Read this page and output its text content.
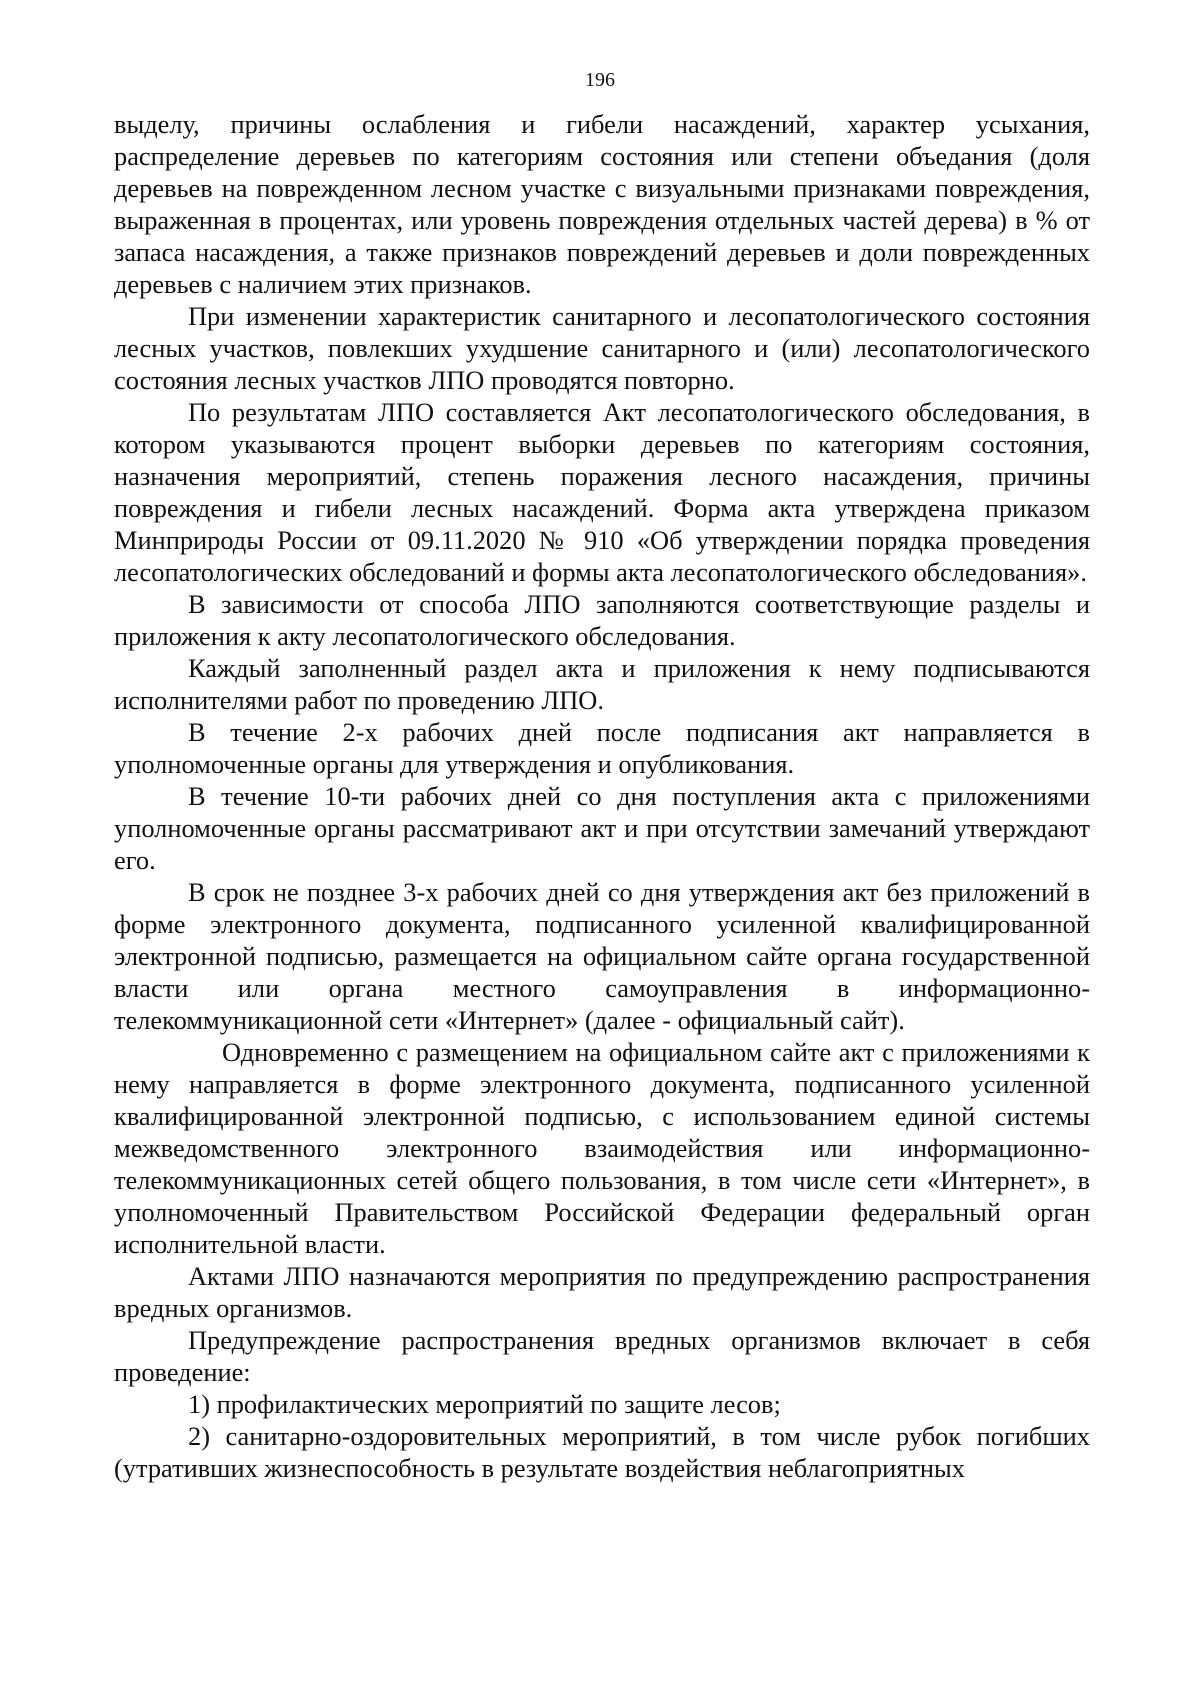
196

выделу, причины ослабления и гибели насаждений, характер усыхания, распределение деревьев по категориям состояния или степени объедания (доля деревьев на поврежденном лесном участке с визуальными признаками повреждения, выраженная в процентах, или уровень повреждения отдельных частей дерева) в % от запаса насаждения, а также признаков повреждений деревьев и доли поврежденных деревьев с наличием этих признаков.

При изменении характеристик санитарного и лесопатологического состояния лесных участков, повлекших ухудшение санитарного и (или) лесопатологического состояния лесных участков ЛПО проводятся повторно.

По результатам ЛПО составляется Акт лесопатологического обследования, в котором указываются процент выборки деревьев по категориям состояния, назначения мероприятий, степень поражения лесного насаждения, причины повреждения и гибели лесных насаждений. Форма акта утверждена приказом Минприроды России от 09.11.2020 № 910 «Об утверждении порядка проведения лесопатологических обследований и формы акта лесопатологического обследования».

В зависимости от способа ЛПО заполняются соответствующие разделы и приложения к акту лесопатологического обследования.

Каждый заполненный раздел акта и приложения к нему подписываются исполнителями работ по проведению ЛПО.

В течение 2-х рабочих дней после подписания акт направляется в уполномоченные органы для утверждения и опубликования.

В течение 10-ти рабочих дней со дня поступления акта с приложениями уполномоченные органы рассматривают акт и при отсутствии замечаний утверждают его.

В срок не позднее 3-х рабочих дней со дня утверждения акт без приложений в форме электронного документа, подписанного усиленной квалифицированной электронной подписью, размещается на официальном сайте органа государственной власти или органа местного самоуправления в информационно-телекоммуникационной сети «Интернет» (далее - официальный сайт).

Одновременно с размещением на официальном сайте акт с приложениями к нему направляется в форме электронного документа, подписанного усиленной квалифицированной электронной подписью, с использованием единой системы межведомственного электронного взаимодействия или информационно-телекоммуникационных сетей общего пользования, в том числе сети «Интернет», в уполномоченный Правительством Российской Федерации федеральный орган исполнительной власти.

Актами ЛПО назначаются мероприятия по предупреждению распространения вредных организмов.

Предупреждение распространения вредных организмов включает в себя проведение:

1) профилактических мероприятий по защите лесов;

2) санитарно-оздоровительных мероприятий, в том числе рубок погибших (утративших жизнеспособность в результате воздействия неблагоприятных
